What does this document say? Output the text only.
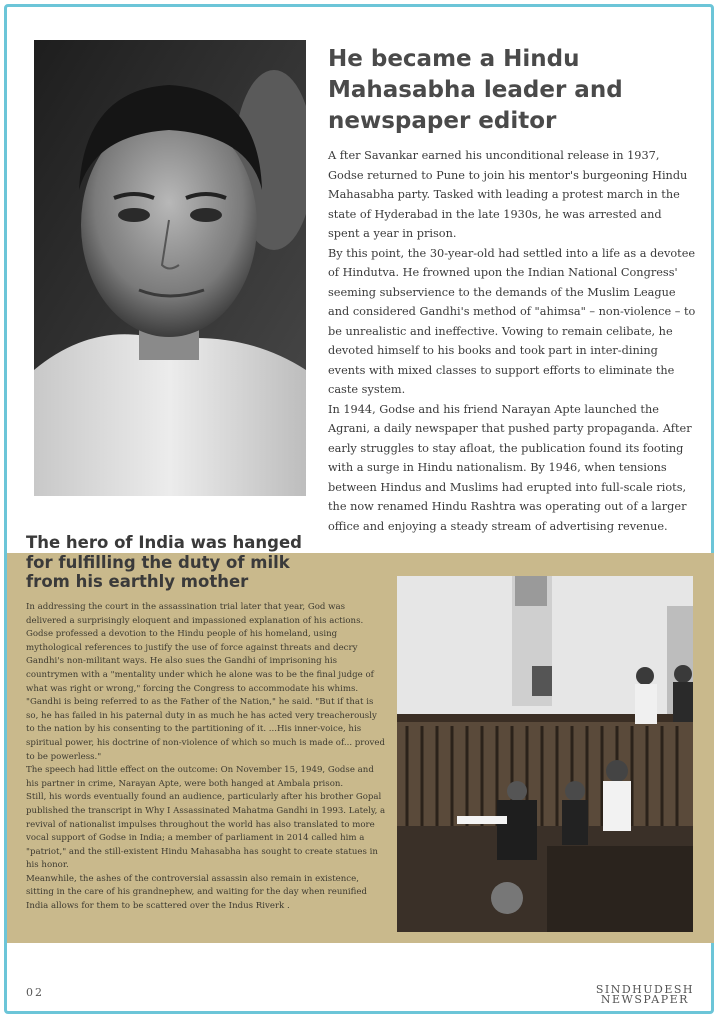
He became a Hindu Mahasabha leader and newspaper editor

A fter Savankar earned his unconditional release in 1937, Godse returned to Pune to join his mentor's burgeoning Hindu Mahasabha party. Tasked with leading a protest march in the state of Hyderabad in the late 1930s, he was arrested and spent a year in prison.

By this point, the 30-year-old had settled into a life as a devotee of Hindutva. He frowned upon the Indian National Congress' seeming subservience to the demands of the Muslim League and considered Gandhi's method of "ahimsa" – non-violence – to be unrealistic and ineffective. Vowing to remain celibate, he devoted himself to his books and took part in inter-dining events with mixed classes to support efforts to eliminate the caste system.

In 1944, Godse and his friend Narayan Apte launched the Agrani, a daily newspaper that pushed party propaganda. After early struggles to stay afloat, the publication found its footing with a surge in Hindu nationalism. By 1946, when tensions between Hindus and Muslims had erupted into full-scale riots, the now renamed Hindu Rashtra was operating out of a larger office and enjoying a steady stream of advertising revenue.

The hero of India was hanged for fulfilling the duty of milk from his earthly mother

In addressing the court in the assassination trial later that year, God was delivered a surprisingly eloquent and impassioned explanation of his actions.

Godse professed a devotion to the Hindu people of his homeland, using mythological references to justify the use of force against threats and decry Gandhi's non-militant ways. He also sues the Gandhi of imprisoning his countrymen with a "mentality under which he alone was to be the final judge of what was right or wrong," forcing the Congress to accommodate his whims.

"Gandhi is being referred to as the Father of the Nation," he said. "But if that is so, he has failed in his paternal duty in as much he has acted very treacherously to the nation by his consenting to the partitioning of it. ...His inner-voice, his spiritual power, his doctrine of non-violence of which so much is made of... proved to be powerless."

The speech had little effect on the outcome: On November 15, 1949, Godse and his partner in crime, Narayan Apte, were both hanged at Ambala prison.

Still, his words eventually found an audience, particularly after his brother Gopal published the transcript in Why I Assassinated Mahatma Gandhi in 1993. Lately, a revival of nationalist impulses throughout the world has also translated to more vocal support of Godse in India; a member of parliament in 2014 called him a "patriot," and the still-existent Hindu Mahasabha has sought to create statues in his honor.

Meanwhile, the ashes of the controversial assassin also remain in existence, sitting in the care of his grandnephew, and waiting for the day when reunified India allows for them to be scattered over the Indus Riverk .

02	SINDHUDESH
NEWSPAPER
